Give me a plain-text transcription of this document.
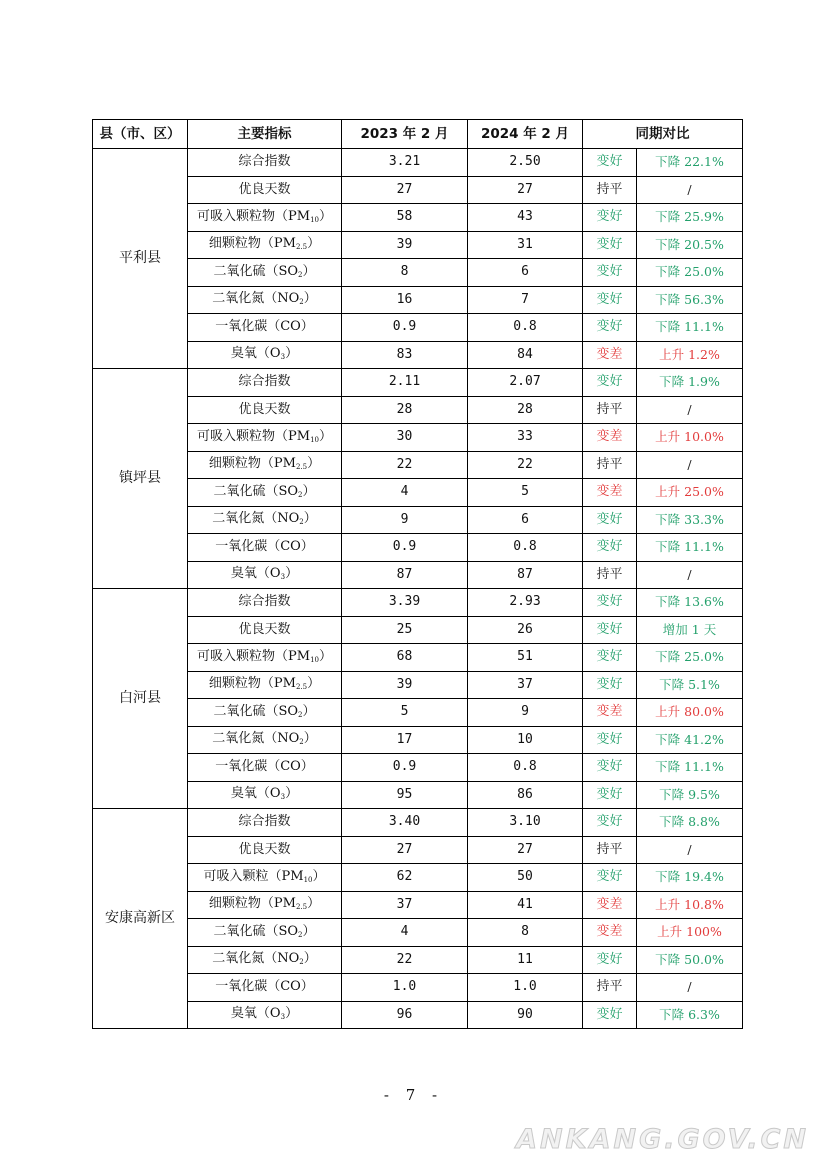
县（市、区）	主要指标	2023 年 2 月	2024 年 2 月	同期对比	
平利县	综合指数	3.21	2.50	变好	下降 22.1%
	优良天数	27	27	持平	/
	可吸入颗粒物$(PM_{10})$	58	43	变好	下降 25.9%
	细颗粒物$(PM_{2.5})$	39	31	变好	下降 20.5%
	二氧化硫$(SO_2)$	8	6	变好	下降 25.0%
	二氧化氮$(NO_2)$	16	7	变好	下降 56.3%
	一氧化碳（CO）	0.9	0.8	变好	下降 11.1%
	臭氧$(O_3)$	83	84	变差	上升 1.2%
镇坪县	综合指数	2.11	2.07	变好	下降 1.9%
	优良天数	28	28	持平	/
	可吸入颗粒物$(PM_{10})$	30	33	变差	上升 10.0%
	细颗粒物$(PM_{2.5})$	22	22	持平	/
	二氧化硫$(SO_2)$	4	5	变差	上升 25.0%
	二氧化氮$(NO_2)$	9	6	变好	下降 33.3%
	一氧化碳（CO）	0.9	0.8	变好	下降 11.1%
	臭氧$(O_3)$	87	87	持平	/
白河县	综合指数	3.39	2.93	变好	下降 13.6%
	优良天数	25	26	变好	增加 1 天
	可吸入颗粒物$(PM_{10})$	68	51	变好	下降 25.0%
	细颗粒物$(PM_{2.5})$	39	37	变好	下降 5.1%
	二氧化硫$(SO_2)$	5	9	变差	上升 80.0%
	二氧化氮$(NO_2)$	17	10	变好	下降 41.2%
	一氧化碳（CO）	0.9	0.8	变好	下降 11.1%
	臭氧$(O_3)$	95	86	变好	下降 9.5%
安康高新区	综合指数	3.40	3.10	变好	下降 8.8%
	优良天数	27	27	持平	/
	可吸入颗粒$(PM_{10})$	62	50	变好	下降 19.4%
	细颗粒物$(PM_{2.5})$	37	41	变差	上升 10.8%
	二氧化硫$(SO_2)$	4	8	变差	上升 100%
	二氧化氮$(NO_2)$	22	11	变好	下降 50.0%
	一氧化碳（CO）	1.0	1.0	持平	/
	臭氧$(O_3)$	96	90	变好	下降 6.3%
- 7 -
ANKANG.GOV.CN
